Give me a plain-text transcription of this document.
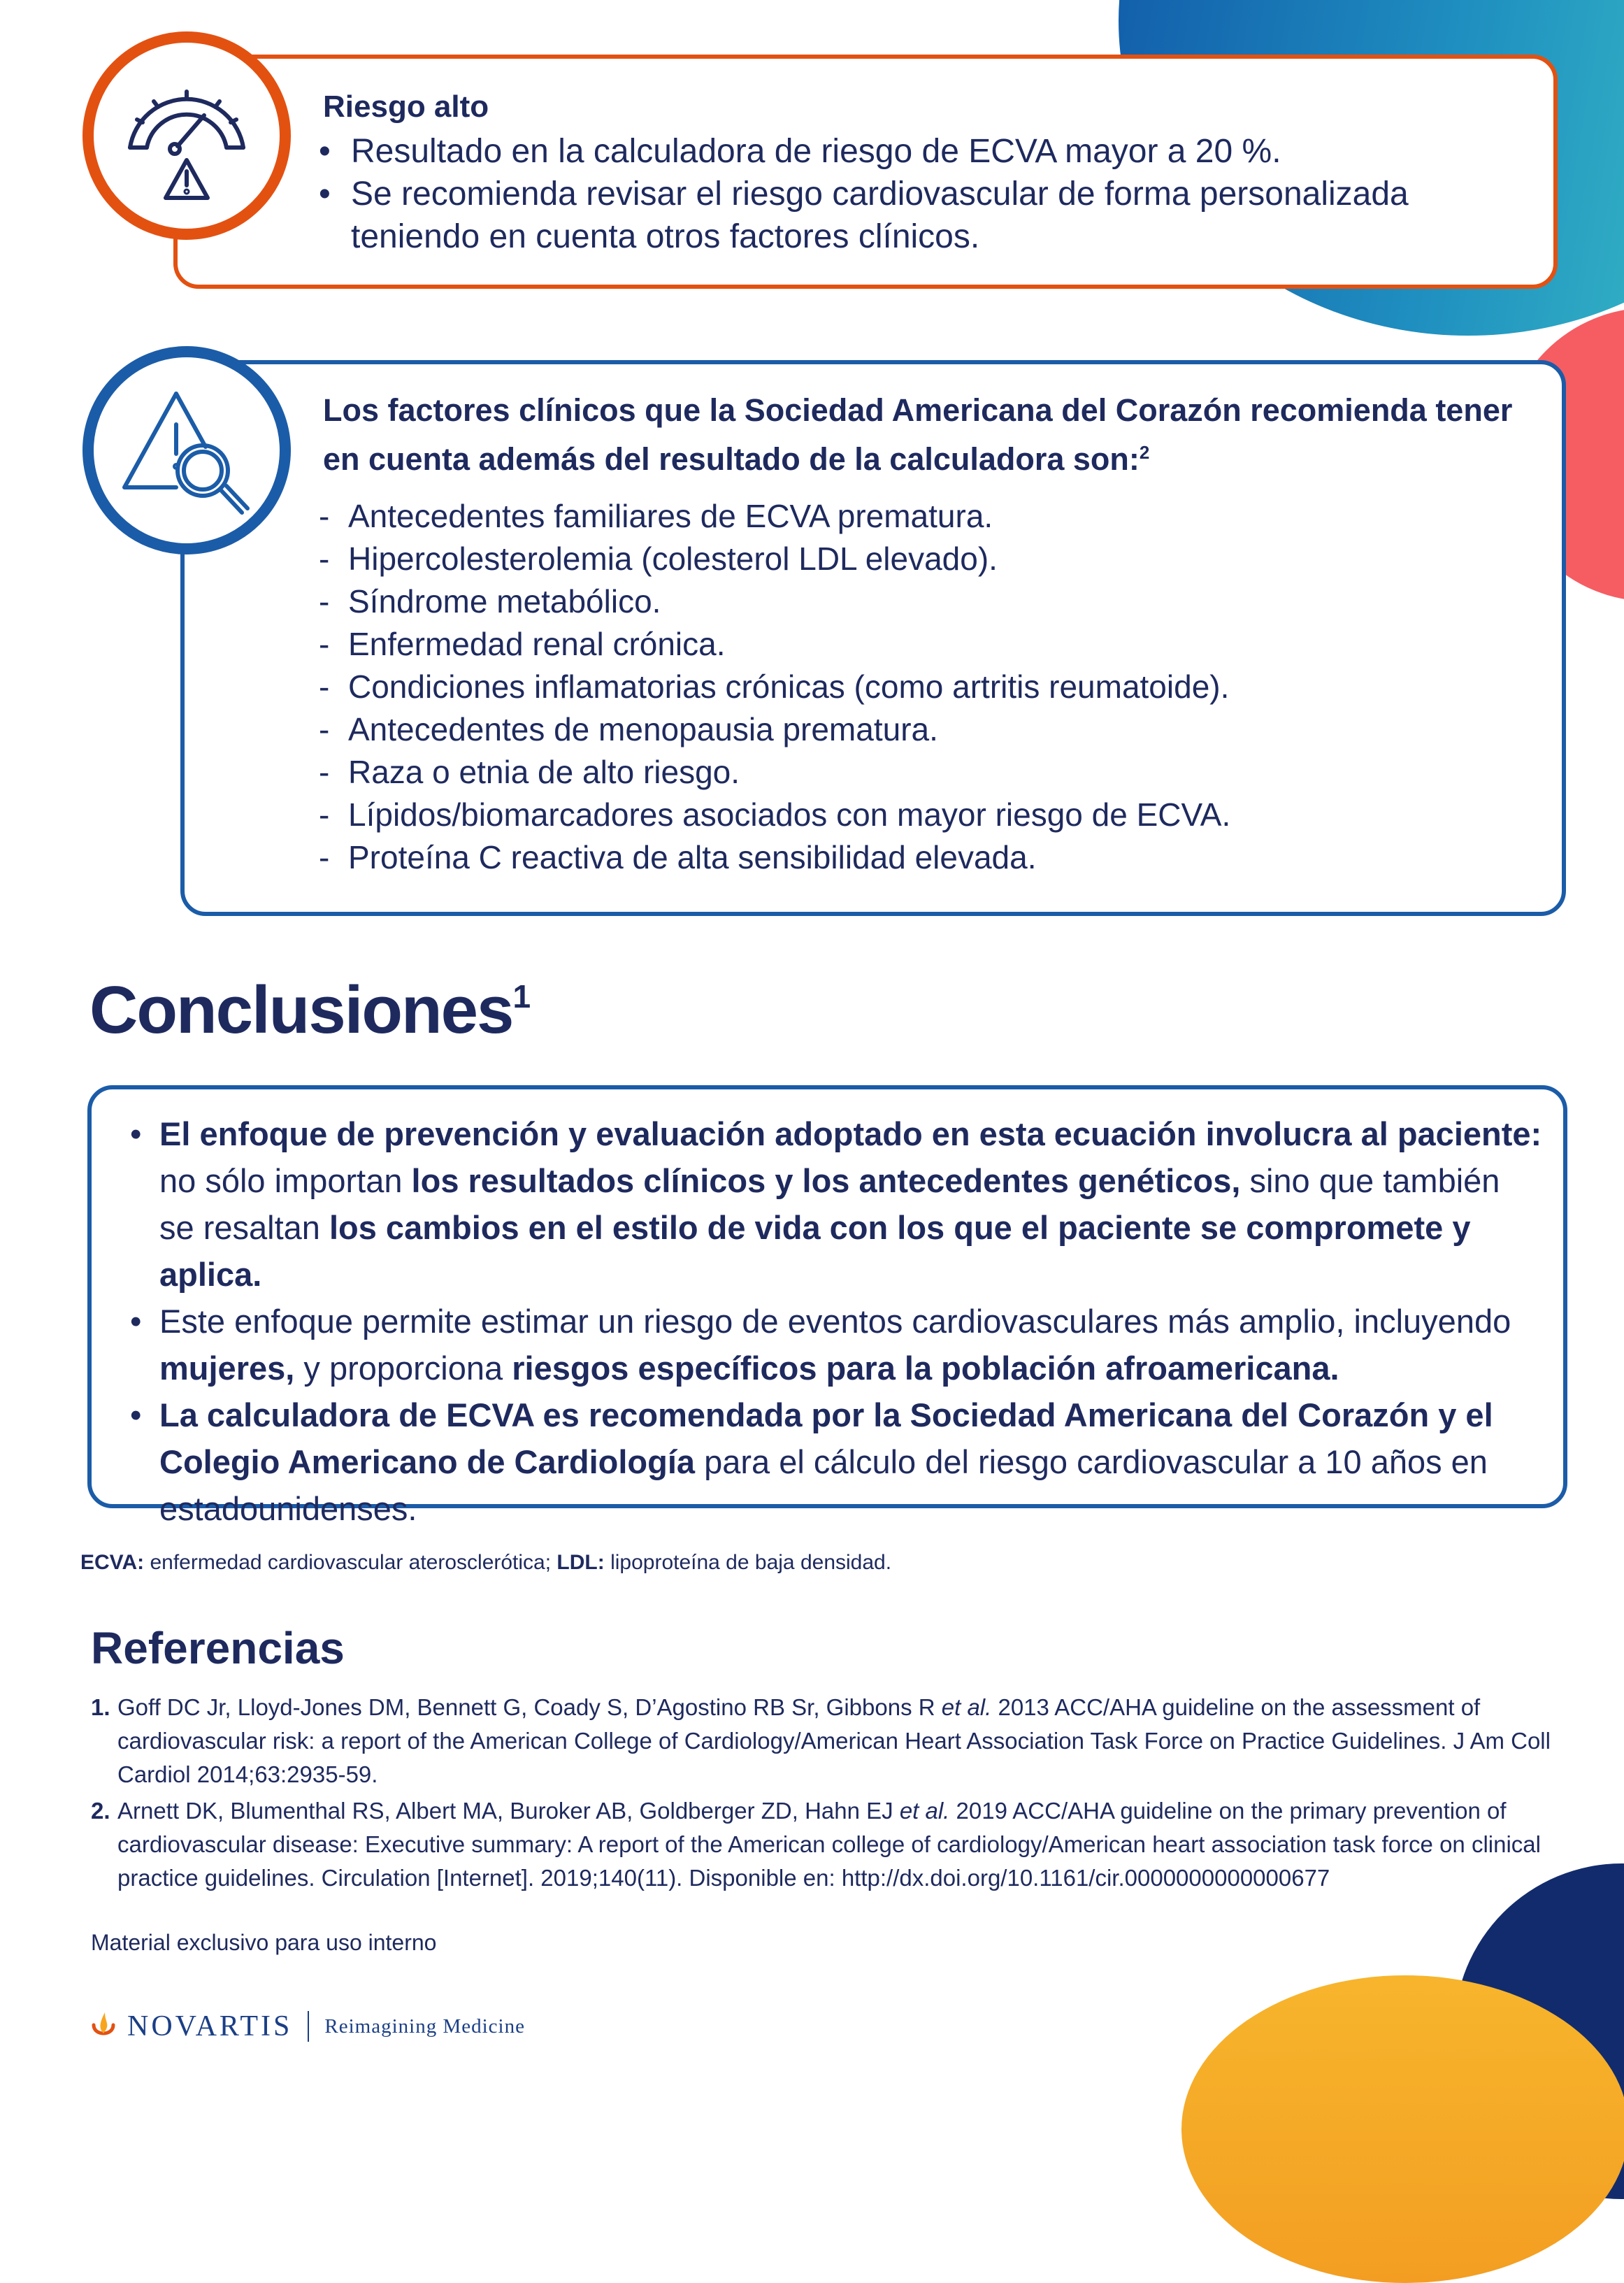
Riesgo alto
• Resultado en la calculadora de riesgo de ECVA mayor a 20 %.
• Se recomienda revisar el riesgo cardiovascular de forma personalizada teniendo en cuenta otros factores clínicos.
Los factores clínicos que la Sociedad Americana del Corazón recomienda tener en cuenta además del resultado de la calculadora son:$^2$
- Antecedentes familiares de ECVA prematura.
- Hipercolesterolemia (colesterol LDL elevado).
- Síndrome metabólico.
- Enfermedad renal crónica.
- Condiciones inflamatorias crónicas (como artritis reumatoide).
- Antecedentes de menopausia prematura.
- Raza o etnia de alto riesgo.
- Lípidos/biomarcadores asociados con mayor riesgo de ECVA.
- Proteína C reactiva de alta sensibilidad elevada.
Conclusiones$^1$
• El enfoque de prevención y evaluación adoptado en esta ecuación involucra al paciente: no sólo importan los resultados clínicos y los antecedentes genéticos, sino que también se resaltan los cambios en el estilo de vida con los que el paciente se compromete y aplica.
• Este enfoque permite estimar un riesgo de eventos cardiovasculares más amplio, incluyendo mujeres, y proporciona riesgos específicos para la población afroamericana.
• La calculadora de ECVA es recomendada por la Sociedad Americana del Corazón y el Colegio Americano de Cardiología para el cálculo del riesgo cardiovascular a 10 años en estadounidenses.
ECVA: enfermedad cardiovascular aterosclerótica; LDL: lipoproteína de baja densidad.
Referencias
1. Goff DC Jr, Lloyd-Jones DM, Bennett G, Coady S, D’Agostino RB Sr, Gibbons R et al. 2013 ACC/AHA guideline on the assessment of cardiovascular risk: a report of the American College of Cardiology/American Heart Association Task Force on Practice Guidelines. J Am Coll Cardiol 2014;63:2935-59.
2. Arnett DK, Blumenthal RS, Albert MA, Buroker AB, Goldberger ZD, Hahn EJ et al. 2019 ACC/AHA guideline on the primary prevention of cardiovascular disease: Executive summary: A report of the American college of cardiology/American heart association task force on clinical practice guidelines. Circulation [Internet]. 2019;140(11). Disponible en: http://dx.doi.org/10.1161/cir.0000000000000677
Material exclusivo para uso interno
NOVARTIS Reimagining Medicine
